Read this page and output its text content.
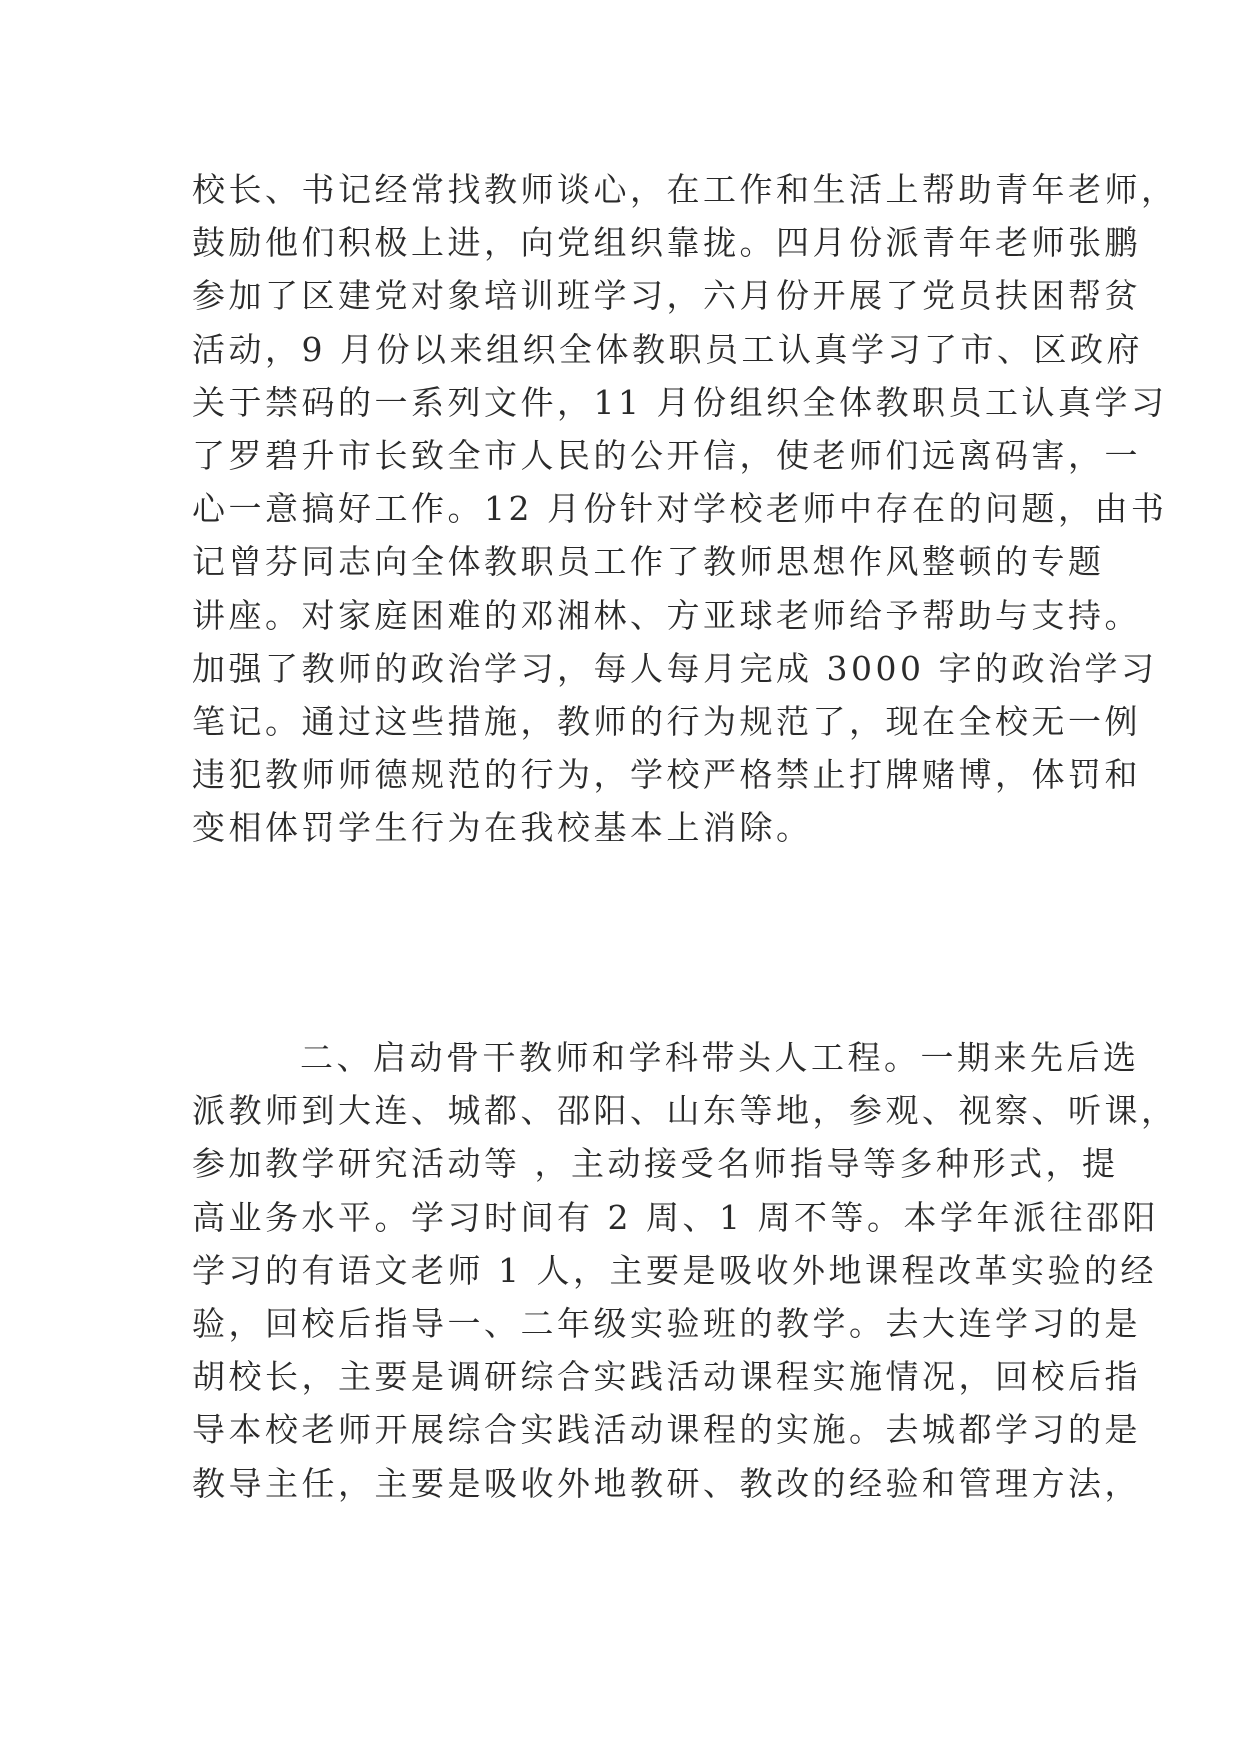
校长、书记经常找教师谈心，在工作和生活上帮助青年老师，
鼓励他们积极上进，向党组织靠拢。四月份派青年老师张鹏
参加了区建党对象培训班学习，六月份开展了党员扶困帮贫
活动，9 月份以来组织全体教职员工认真学习了市、区政府
关于禁码的一系列文件，11 月份组织全体教职员工认真学习
了罗碧升市长致全市人民的公开信，使老师们远离码害，一
心一意搞好工作。12 月份针对学校老师中存在的问题，由书
记曾芬同志向全体教职员工作了教师思想作风整顿的专题
讲座。对家庭困难的邓湘林、方亚球老师给予帮助与支持。
加强了教师的政治学习，每人每月完成 3000 字的政治学习
笔记。通过这些措施，教师的行为规范了，现在全校无一例
违犯教师师德规范的行为，学校严格禁止打牌赌博，体罚和
变相体罚学生行为在我校基本上消除。
二、启动骨干教师和学科带头人工程。一期来先后选
派教师到大连、城都、邵阳、山东等地，参观、视察、听课，
参加教学研究活动等 ，主动接受名师指导等多种形式，提
高业务水平。学习时间有 2 周、1 周不等。本学年派往邵阳
学习的有语文老师 1 人，主要是吸收外地课程改革实验的经
验，回校后指导一、二年级实验班的教学。去大连学习的是
胡校长，主要是调研综合实践活动课程实施情况，回校后指
导本校老师开展综合实践活动课程的实施。去城都学习的是
教导主任，主要是吸收外地教研、教改的经验和管理方法，
